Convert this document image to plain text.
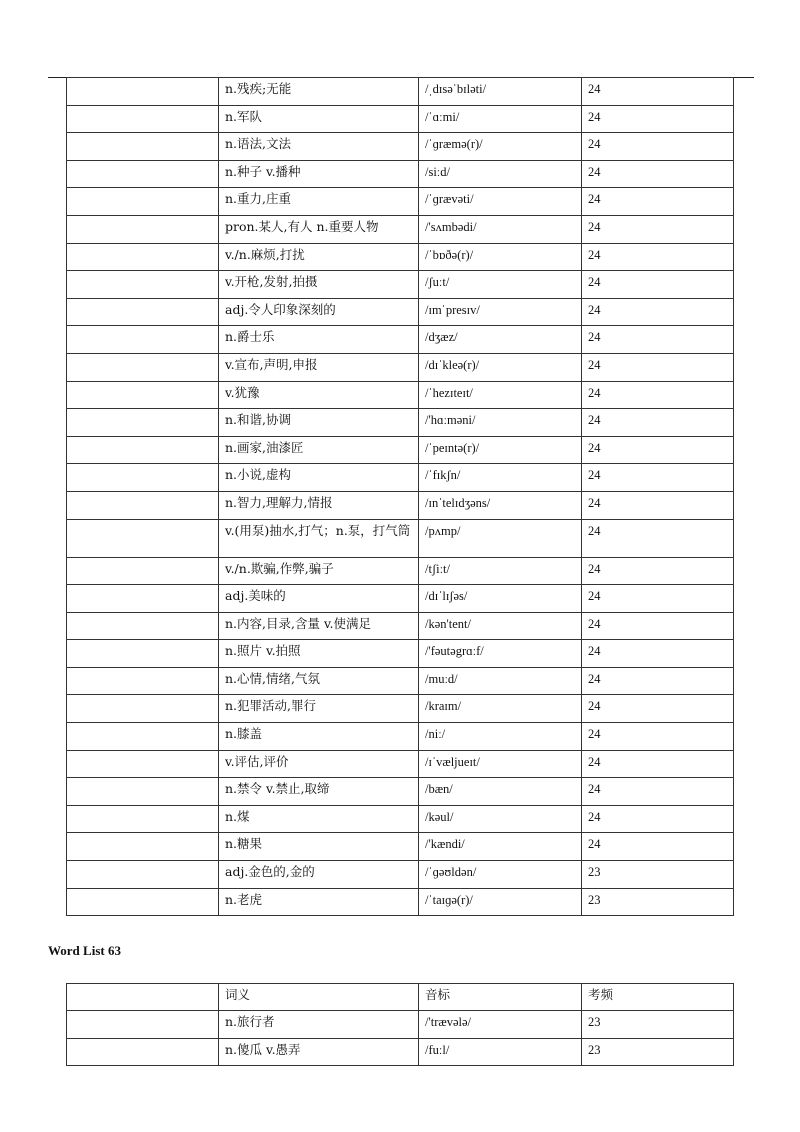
	n.残疾;无能	/ˌdɪsəˈbɪləti/	24
	n.军队	/ˈɑːmi/	24
	n.语法,文法	/ˈɡræmə(r)/	24
	n.种子 v.播种	/siːd/	24
	n.重力,庄重	/ˈɡrævəti/	24
	pron.某人,有人 n.重要人物	/'sʌmbədi/	24
	v./n.麻烦,打扰	/ˈbɒðə(r)/	24
	v.开枪,发射,拍摄	/ʃuːt/	24
	adj.令人印象深刻的	/ɪmˈpresɪv/	24
	n.爵士乐	/dʒæz/	24
	v.宣布,声明,申报	/dɪˈkleə(r)/	24
	v.犹豫	/ˈhezɪteɪt/	24
	n.和谐,协调	/'hɑːməni/	24
	n.画家,油漆匠	/ˈpeɪntə(r)/	24
	n.小说,虚构	/ˈfɪkʃn/	24
	n.智力,理解力,情报	/ɪnˈtelɪdʒəns/	24
	v.(用泵)抽水,打气；n.泵，打气筒	/pʌmp/	24
	v./n.欺骗,作弊,骗子	/tʃiːt/	24
	adj.美味的	/dɪˈlɪʃəs/	24
	n.内容,目录,含量 v.使满足	/kən'tent/	24
	n.照片 v.拍照	/'fəutəgrɑːf/	24
	n.心情,情绪,气氛	/muːd/	24
	n.犯罪活动,罪行	/kraɪm/	24
	n.膝盖	/niː/	24
	v.评估,评价	/ɪˈvæljueɪt/	24
	n.禁令 v.禁止,取缔	/bæn/	24
	n.煤	/kəul/	24
	n.糖果	/'kændi/	24
	adj.金色的,金的	/ˈɡəʊldən/	23
	n.老虎	/ˈtaɪɡə(r)/	23
Word List 63
	词义	音标	考频
	n.旅行者	/'trævələ/	23
	n.傻瓜 v.愚弄	/fuːl/	23
